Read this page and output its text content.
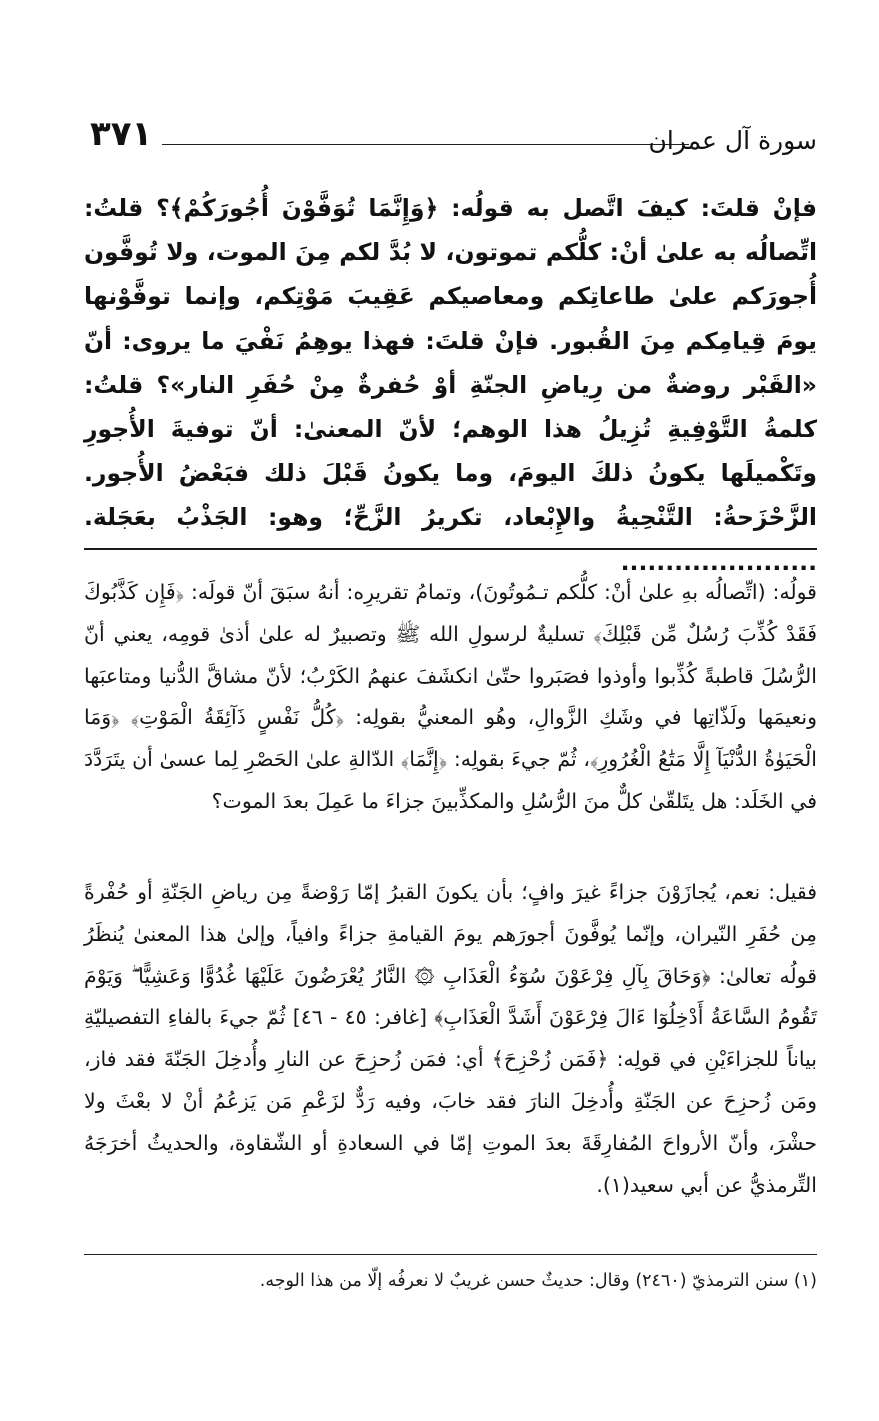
٣٧١	سورة آل عمران

فإنْ قلتَ: كيفَ اتَّصل به قولُه: ﴿وَإِنَّمَا تُوَفَّوْنَ أُجُورَكُمْ﴾؟ قلتُ: اتِّصالُه به علىٰ أنْ: كلُّكم تموتون، لا بُدَّ لكم مِنَ الموت، ولا تُوفَّون أُجورَكم علىٰ طاعاتِكم ومعاصيكم عَقِيبَ مَوْتِكم، وإنما توفَّوْنها يومَ قِيامِكم مِنَ القُبور. فإنْ قلتَ: فهذا يوهِمُ نَفْيَ ما يروى: أنّ «القَبْر روضةٌ من رِياضِ الجنّةِ أوْ حُفرةٌ مِنْ حُفَرِ النار»؟ قلتُ: كلمةُ التَّوْفِيةِ تُزِيلُ هذا الوهم؛ لأنّ المعنىٰ: أنّ توفيةَ الأُجورِ وتَكْميلَها يكونُ ذلكَ اليومَ، وما يكونُ قَبْلَ ذلك فبَعْضُ الأُجور. الزَّحْزَحةُ: التَّنْحِيةُ والإِبْعاد، تكريرُ الزَّحِّ؛ وهو: الجَذْبُ بعَجَلة. ......................

قولُه: (اتِّصالُه بهِ علىٰ أنْ: كلُّكم تـمُوتُونَ)، وتمامُ تقريرِه: أنهُ سبَقَ أنّ قولَه: ﴿فَإِن كَذَّبُوكَ فَقَدْ كُذِّبَ رُسُلٌ مِّن قَبْلِكَ﴾ تسليةٌ لرسولِ الله ﷺ وتصبيرٌ له علىٰ أذىٰ قومِه، يعني أنّ الرُّسُلَ قاطبةً كُذِّبوا وأوذوا فصَبَروا حتّىٰ انكشَفَ عنهمُ الكَرْبُ؛ لأنّ مشاقَّ الدُّنيا ومتاعبَها ونعيمَها ولَذّاتِها في وشَكِ الزَّوالِ، وهُو المعنيُّ بقولِه: ﴿كُلُّ نَفْسٍ ذَآئِقَةُ الْمَوْتِ﴾ ﴿وَمَا الْحَيَوٰةُ الدُّنْيَآ إِلَّا مَتَٰعُ الْغُرُورِ﴾، ثُمّ جيءَ بقولِه: ﴿إِنَّمَا﴾ الدّالةِ علىٰ الحَصْرِ لِما عسىٰ أن يتَرَدَّدَ في الخَلَد: هل يتَلقّىٰ كلٌّ منَ الرُّسُلِ والمكذِّبينَ جزاءَ ما عَمِلَ بعدَ الموت؟

فقيل: نعم، يُجازَوْنَ جزاءً غيرَ وافٍ؛ بأن يكونَ القبرُ إمّا رَوْضةً مِن رياضِ الجَنّةِ أو حُفْرةً مِن حُفَرِ النّيران، وإنّما يُوفَّونَ أجورَهم يومَ القيامةِ جزاءً وافياً، وإلىٰ هذا المعنىٰ يُنظَرُ قولُه تعالىٰ: ﴿وَحَاقَ بِآلِ فِرْعَوْنَ سُوٓءُ الْعَذَابِ ۞ النَّارُ يُعْرَضُونَ عَلَيْهَا غُدُوًّا وَعَشِيًّا ۖ وَيَوْمَ تَقُومُ السَّاعَةُ أَدْخِلُوٓا ءَالَ فِرْعَوْنَ أَشَدَّ الْعَذَابِ﴾ [غافر: ٤٥ - ٤٦] ثُمّ جيءَ بالفاءِ التفصيليّةِ بياناً للجزاءَيْنِ في قولِه: ﴿فَمَن زُحْزِحَ﴾ أي: فمَن زُحزِحَ عن النارِ وأُدخِلَ الجَنّةَ فقد فاز، ومَن زُحزِحَ عن الجَنّةِ وأُدخِلَ النارَ فقد خابَ، وفيه رَدٌّ لزَعْمِ مَن يَزعُمُ أنْ لا بعْثَ ولا حشْرَ، وأنّ الأرواحَ المُفارِقَةَ بعدَ الموتِ إمّا في السعادةِ أو الشّقاوة، والحديثُ أخرَجَهُ التِّرمذيُّ عن أبي سعيد(١).

(١) سنن الترمذيّ (٢٤٦٠) وقال: حديثٌ حسن غريبٌ لا نعرفُه إلّا من هذا الوجه.
